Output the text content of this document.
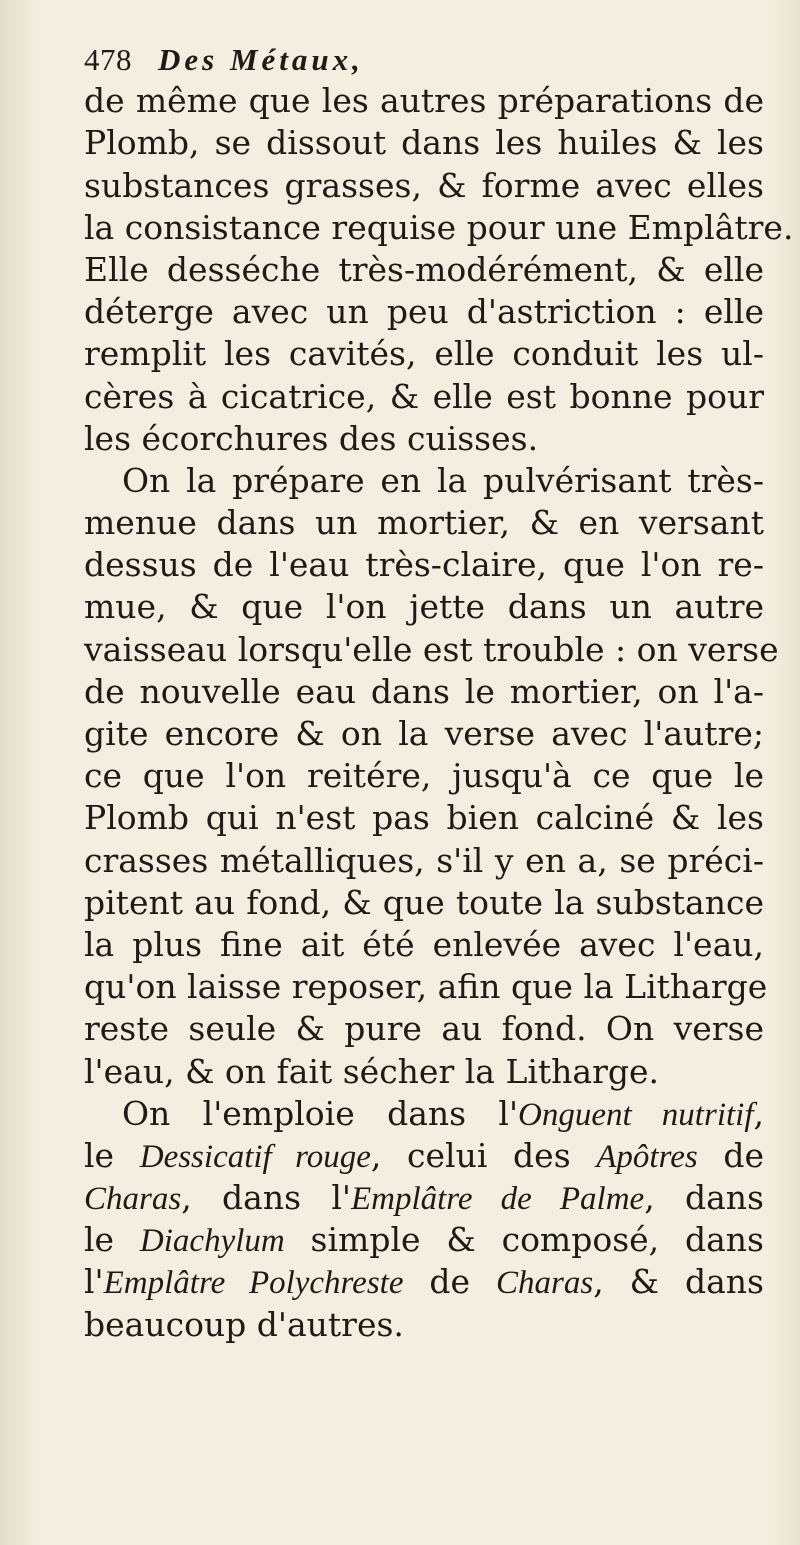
478 Des Métaux,
de même que les autres préparations de
Plomb, se dissout dans les huiles & les
substances grasses, & forme avec elles
la consistance requise pour une Emplâtre.
Elle desséche très-modérément, & elle
déterge avec un peu d'astriction : elle
remplit les cavités, elle conduit les ul-
cères à cicatrice, & elle est bonne pour
les écorchures des cuisses.
On la prépare en la pulvérisant très-
menue dans un mortier, & en versant
dessus de l'eau très-claire, que l'on re-
mue, & que l'on jette dans un autre
vaisseau lorsqu'elle est trouble : on verse
de nouvelle eau dans le mortier, on l'a-
gite encore & on la verse avec l'autre;
ce que l'on reitére, jusqu'à ce que le
Plomb qui n'est pas bien calciné & les
crasses métalliques, s'il y en a, se préci-
pitent au fond, & que toute la substance
la plus fine ait été enlevée avec l'eau,
qu'on laisse reposer, afin que la Litharge
reste seule & pure au fond. On verse
l'eau, & on fait sécher la Litharge.
On l'emploie dans l'Onguent nutritif,
le Dessicatif rouge, celui des Apôtres de
Charas, dans l'Emplâtre de Palme, dans
le Diachylum simple & composé, dans
l'Emplâtre Polychreste de Charas, & dans
beaucoup d'autres.
